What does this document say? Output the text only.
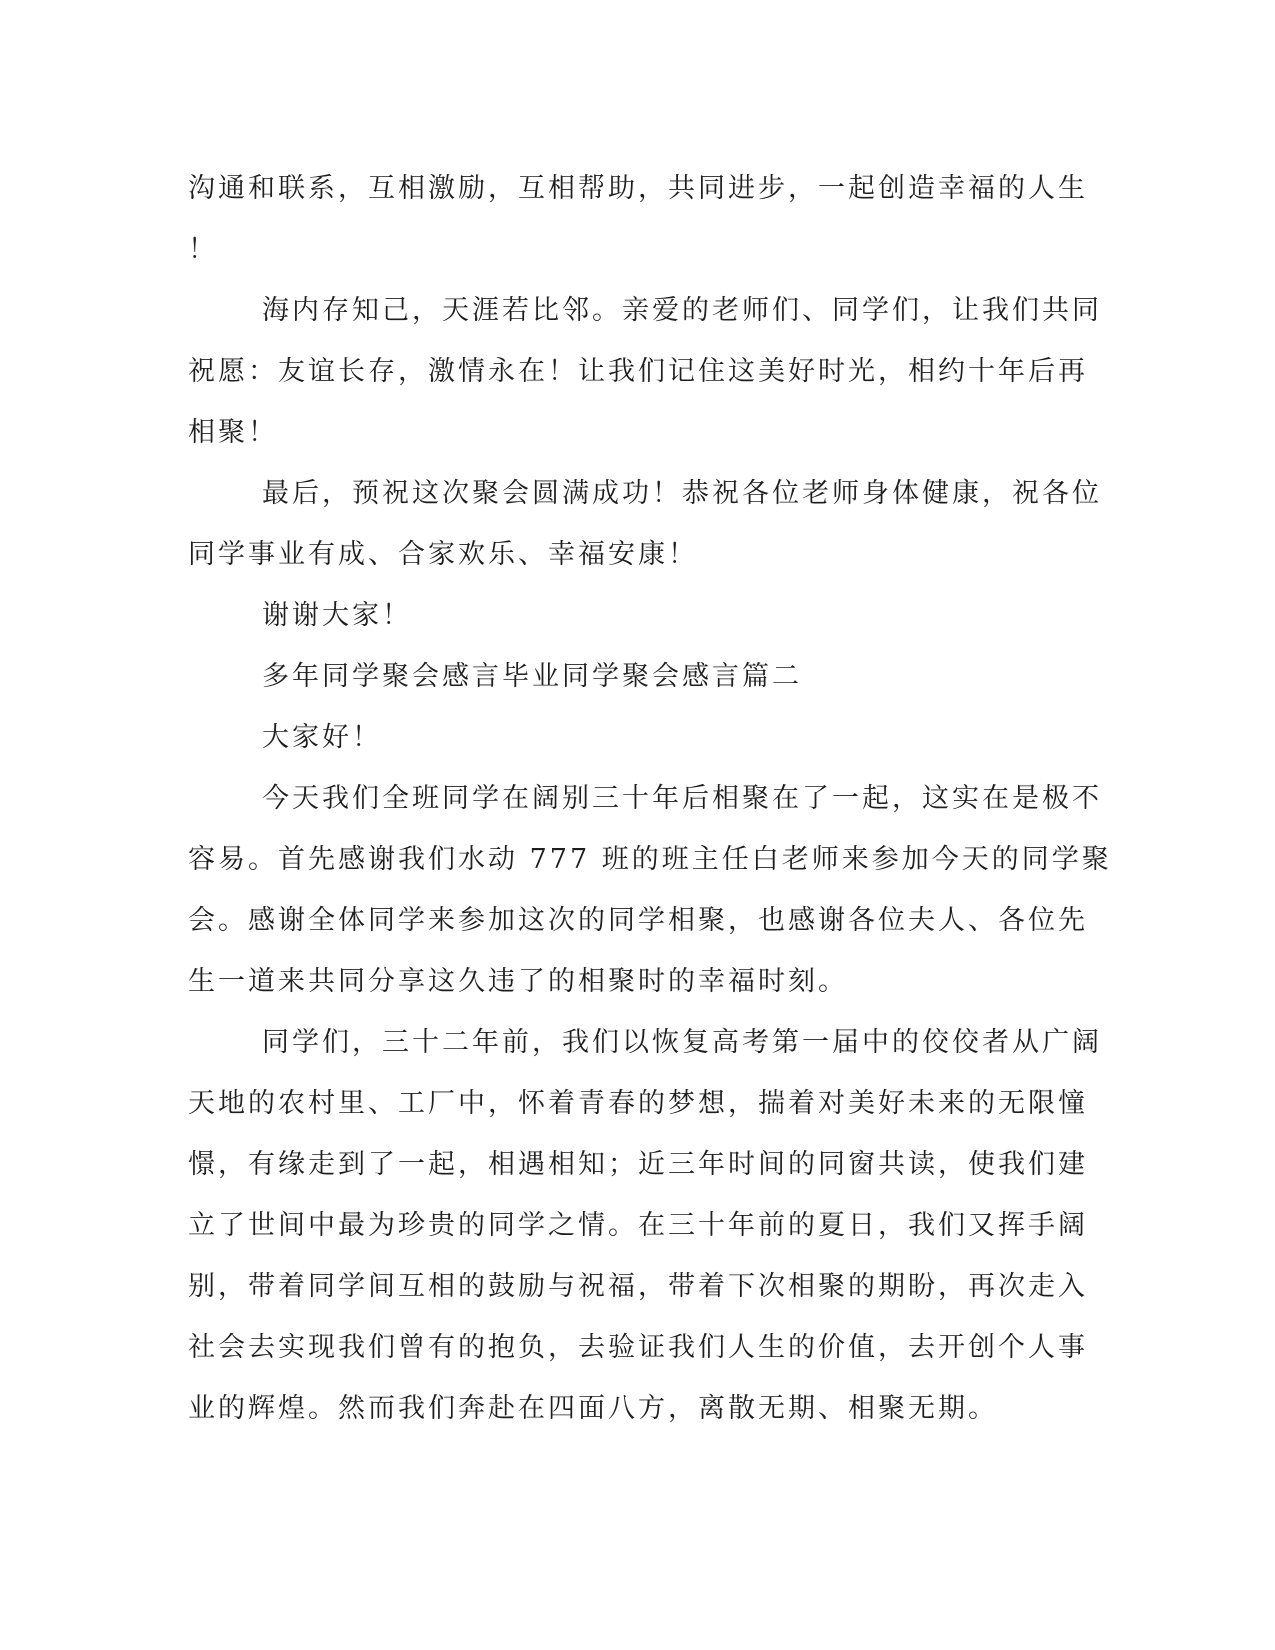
沟通和联系，互相激励，互相帮助，共同进步，一起创造幸福的人生
！
海内存知己，天涯若比邻。亲爱的老师们、同学们，让我们共同
祝愿：友谊长存，激情永在！让我们记住这美好时光，相约十年后再
相聚！
最后，预祝这次聚会圆满成功！恭祝各位老师身体健康，祝各位
同学事业有成、合家欢乐、幸福安康！
谢谢大家！
多年同学聚会感言毕业同学聚会感言篇二
大家好！
今天我们全班同学在阔别三十年后相聚在了一起，这实在是极不
容易。首先感谢我们水动 777 班的班主任白老师来参加今天的同学聚
会。感谢全体同学来参加这次的同学相聚，也感谢各位夫人、各位先
生一道来共同分享这久违了的相聚时的幸福时刻。
同学们，三十二年前，我们以恢复高考第一届中的佼佼者从广阔
天地的农村里、工厂中，怀着青春的梦想，揣着对美好未来的无限憧
憬，有缘走到了一起，相遇相知；近三年时间的同窗共读，使我们建
立了世间中最为珍贵的同学之情。在三十年前的夏日，我们又挥手阔
别，带着同学间互相的鼓励与祝福，带着下次相聚的期盼，再次走入
社会去实现我们曾有的抱负，去验证我们人生的价值，去开创个人事
业的辉煌。然而我们奔赴在四面八方，离散无期、相聚无期。
